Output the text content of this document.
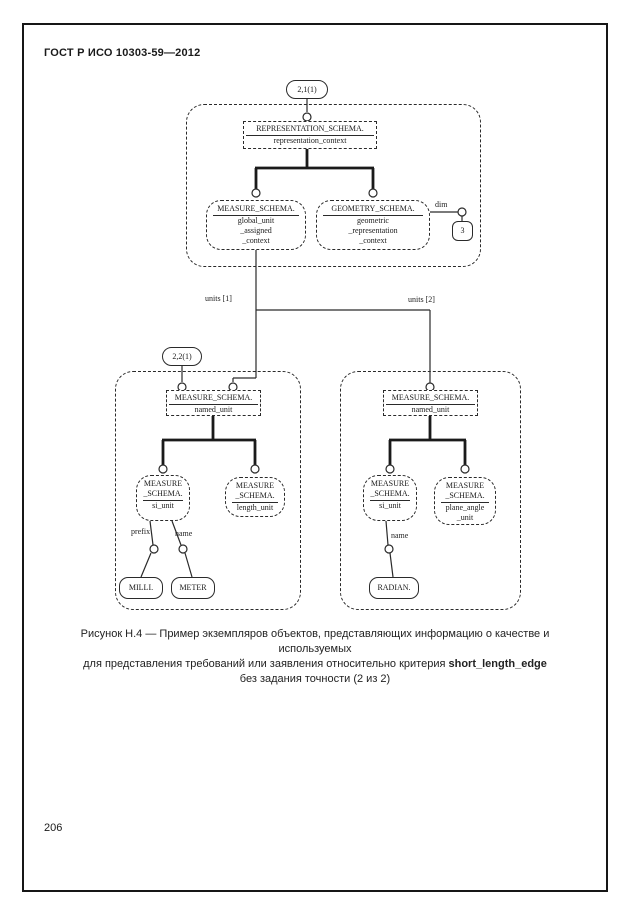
ГОСТ Р ИСО 10303-59—2012
2,1(1)
2,2(1)
REPRESENTATION_SCHEMA.
representation_context
MEASURE_SCHEMA.
global_unit
_assigned
_context
GEOMETRY_SCHEMA.
geometric
_representation
_context
dim
3
units [1]	units [2]
MEASURE_SCHEMA.
named_unit
MEASURE_SCHEMA.
named_unit
MEASURE
_SCHEMA.
si_unit
MEASURE
_SCHEMA.
length_unit
MEASURE
_SCHEMA.
si_unit
MEASURE
_SCHEMA.
plane_angle
_unit
prefix	name	name
MILLI.	METER	RADIAN.
Рисунок Н.4 — Пример экземпляров объектов, представляющих информацию о качестве и используемых
для представления требований или заявления относительно критерия short_length_edge
без задания точности (2 из 2)
206
